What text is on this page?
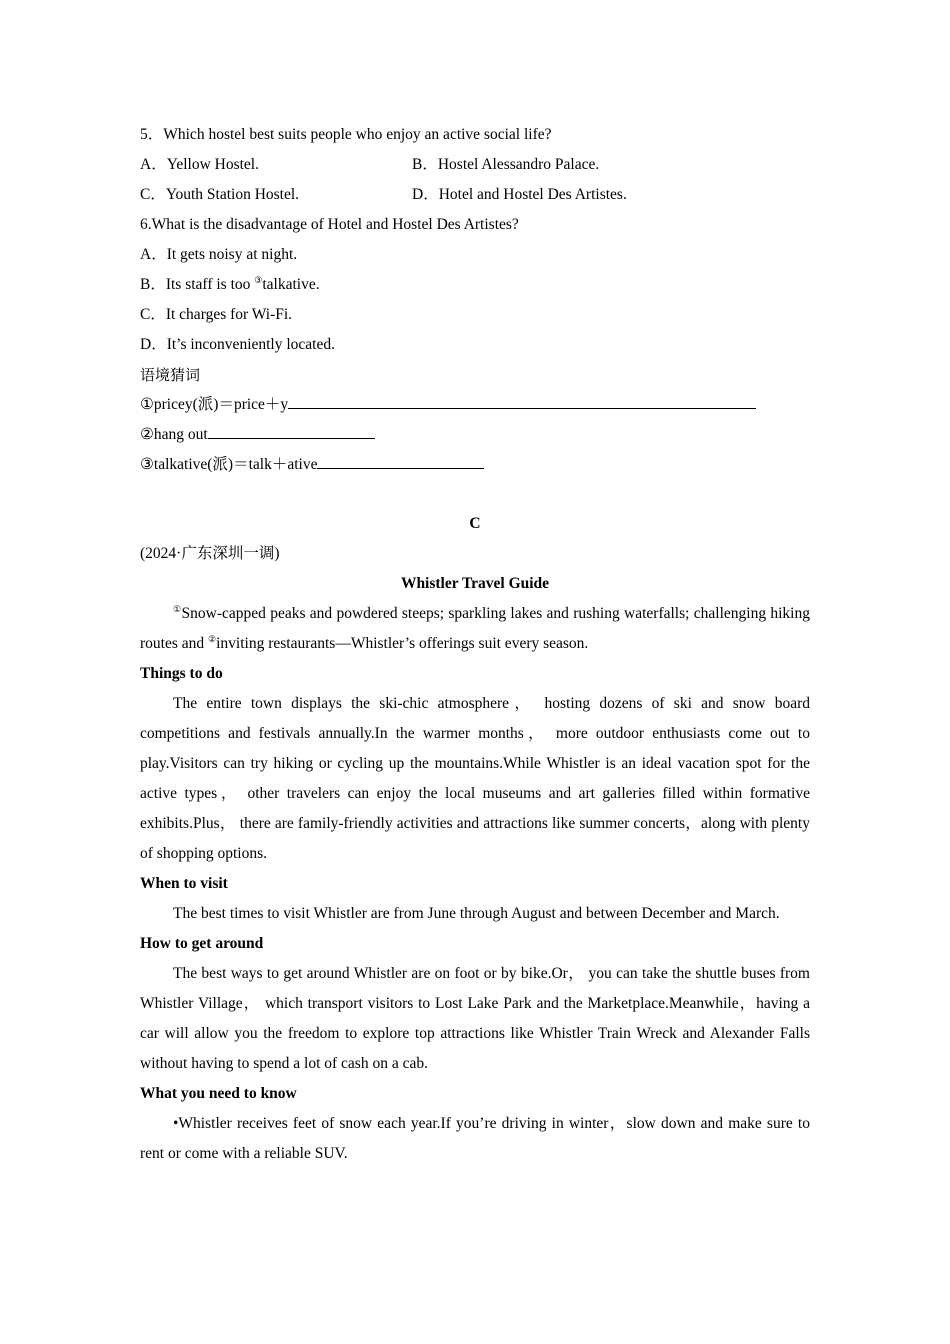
5．Which hostel best suits people who enjoy an active social life?
A．Yellow Hostel.	B．Hostel Alessandro Palace.
C．Youth Station Hostel.	D．Hotel and Hostel Des Artistes.
6.What is the disadvantage of Hotel and Hostel Des Artistes?
A．It gets noisy at night.
B．Its staff is too ③talkative.
C．It charges for Wi-Fi.
D．It’s inconveniently located.
语境猜词
①pricey(派)＝price＋y
②hang out
③talkative(派)＝talk＋ative
C
(2024·广东深圳一调)
Whistler Travel Guide

①Snow-capped peaks and powdered steeps; sparkling lakes and rushing waterfalls; challenging hiking routes and ②inviting restaurants—Whistler’s offerings suit every season.

Things to do

The entire town displays the ski-chic atmosphere， hosting dozens of ski and snow board competitions and festivals annually.In the warmer months， more outdoor enthusiasts come out to play.Visitors can try hiking or cycling up the mountains.While Whistler is an ideal vacation spot for the active types， other travelers can enjoy the local museums and art galleries filled within formative exhibits.Plus， there are family-friendly activities and attractions like summer concerts，along with plenty of shopping options.

When to visit

The best times to visit Whistler are from June through August and between December and March.

How to get around

The best ways to get around Whistler are on foot or by bike.Or， you can take the shuttle buses from Whistler Village， which transport visitors to Lost Lake Park and the Marketplace.Meanwhile，having a car will allow you the freedom to explore top attractions like Whistler Train Wreck and Alexander Falls without having to spend a lot of cash on a cab.

What you need to know

•Whistler receives feet of snow each year.If you’re driving in winter，slow down and make sure to rent or come with a reliable SUV.
